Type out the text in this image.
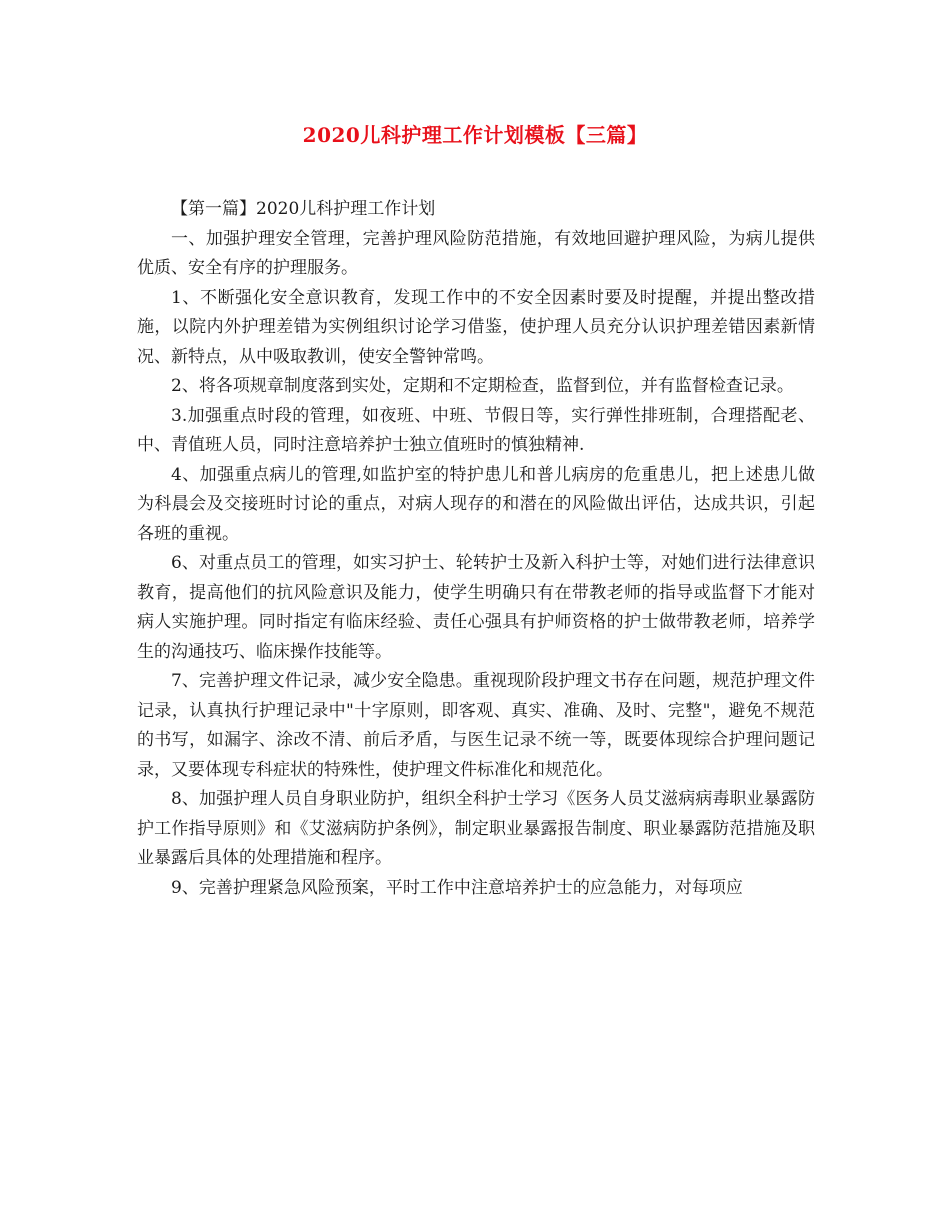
2020儿科护理工作计划模板【三篇】

【第一篇】2020儿科护理工作计划

一、加强护理安全管理，完善护理风险防范措施，有效地回避护理风险，为病儿提供优质、安全有序的护理服务。

1、不断强化安全意识教育，发现工作中的不安全因素时要及时提醒，并提出整改措施，以院内外护理差错为实例组织讨论学习借鉴，使护理人员充分认识护理差错因素新情况、新特点，从中吸取教训，使安全警钟常鸣。

2、将各项规章制度落到实处，定期和不定期检查，监督到位，并有监督检查记录。

3.加强重点时段的管理，如夜班、中班、节假日等，实行弹性排班制，合理搭配老、中、青值班人员，同时注意培养护士独立值班时的慎独精神.

4、加强重点病儿的管理,如监护室的特护患儿和普儿病房的危重患儿，把上述患儿做为科晨会及交接班时讨论的重点，对病人现存的和潜在的风险做出评估，达成共识，引起各班的重视。

6、对重点员工的管理，如实习护士、轮转护士及新入科护士等，对她们进行法律意识教育，提高他们的抗风险意识及能力，使学生明确只有在带教老师的指导或监督下才能对病人实施护理。同时指定有临床经验、责任心强具有护师资格的护士做带教老师，培养学生的沟通技巧、临床操作技能等。

7、完善护理文件记录，减少安全隐患。重视现阶段护理文书存在问题，规范护理文件记录，认真执行护理记录中"十字原则，即客观、真实、准确、及时、完整"，避免不规范的书写，如漏字、涂改不清、前后矛盾，与医生记录不统一等，既要体现综合护理问题记录，又要体现专科症状的特殊性，使护理文件标准化和规范化。

8、加强护理人员自身职业防护，组织全科护士学习《医务人员艾滋病病毒职业暴露防护工作指导原则》和《艾滋病防护条例》，制定职业暴露报告制度、职业暴露防范措施及职业暴露后具体的处理措施和程序。

9、完善护理紧急风险预案，平时工作中注意培养护士的应急能力，对每项应
